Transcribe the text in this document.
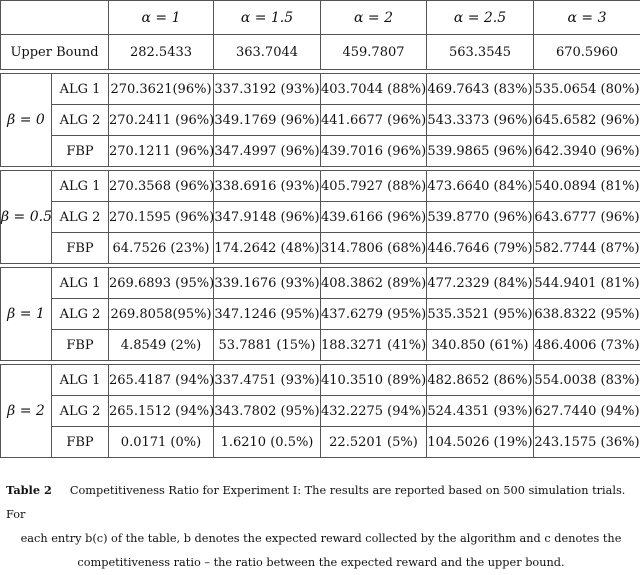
		α = 1	α = 1.5	α = 2	α = 2.5	α = 3
Upper Bound		282.5433	363.7044	459.7807	563.3545	670.5960

β = 0	ALG 1	270.3621(96%)	337.3192 (93%)	403.7044 (88%)	469.7643 (83%)	535.0654 (80%)
	ALG 2	270.2411 (96%)	349.1769 (96%)	441.6677 (96%)	543.3373 (96%)	645.6582 (96%)
	FBP	270.1211 (96%)	347.4997 (96%)	439.7016 (96%)	539.9865 (96%)	642.3940 (96%)

β = 0.5	ALG 1	270.3568 (96%)	338.6916 (93%)	405.7927 (88%)	473.6640 (84%)	540.0894 (81%)
	ALG 2	270.1595 (96%)	347.9148 (96%)	439.6166 (96%)	539.8770 (96%)	643.6777 (96%)
	FBP	64.7526 (23%)	174.2642 (48%)	314.7806 (68%)	446.7646 (79%)	582.7744 (87%)

β = 1	ALG 1	269.6893 (95%)	339.1676 (93%)	408.3862 (89%)	477.2329 (84%)	544.9401 (81%)
	ALG 2	269.8058(95%)	347.1246 (95%)	437.6279 (95%)	535.3521 (95%)	638.8322 (95%)
	FBP	4.8549 (2%)	53.7881 (15%)	188.3271 (41%)	340.850 (61%)	486.4006 (73%)

β = 2	ALG 1	265.4187 (94%)	337.4751 (93%)	410.3510 (89%)	482.8652 (86%)	554.0038 (83%)
	ALG 2	265.1512 (94%)	343.7802 (95%)	432.2275 (94%)	524.4351 (93%)	627.7440 (94%)
	FBP	0.0171 (0%)	1.6210 (0.5%)	22.5201 (5%)	104.5026 (19%)	243.1575 (36%)
Table 2 Competitiveness Ratio for Experiment I: The results are reported based on 500 simulation trials. For
each entry b(c) of the table, b denotes the expected reward collected by the algorithm and c denotes the
competitiveness ratio – the ratio between the expected reward and the upper bound.
